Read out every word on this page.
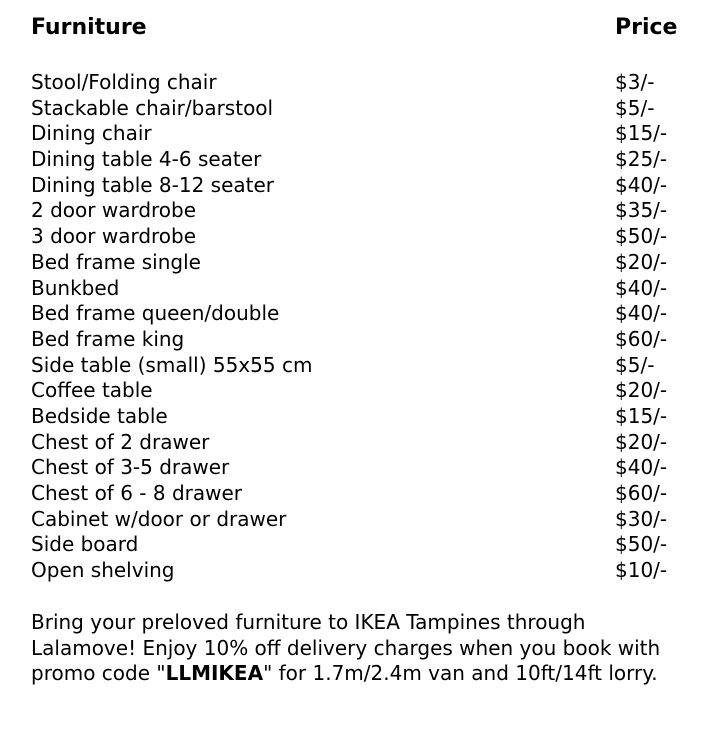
Furniture	Price
Stool/Folding chair	$3/-
Stackable chair/barstool	$5/-
Dining chair	$15/-
Dining table 4-6 seater	$25/-
Dining table 8-12 seater	$40/-
2 door wardrobe	$35/-
3 door wardrobe	$50/-
Bed frame single	$20/-
Bunkbed	$40/-
Bed frame queen/double	$40/-
Bed frame king	$60/-
Side table (small) 55x55 cm	$5/-
Coffee table	$20/-
Bedside table	$15/-
Chest of 2 drawer	$20/-
Chest of 3-5 drawer	$40/-
Chest of 6 - 8 drawer	$60/-
Cabinet w/door or drawer	$30/-
Side board	$50/-
Open shelving	$10/-

Bring your preloved furniture to IKEA Tampines through Lalamove! Enjoy 10% off delivery charges when you book with promo code "LLMIKEA" for 1.7m/2.4m van and 10ft/14ft lorry.
